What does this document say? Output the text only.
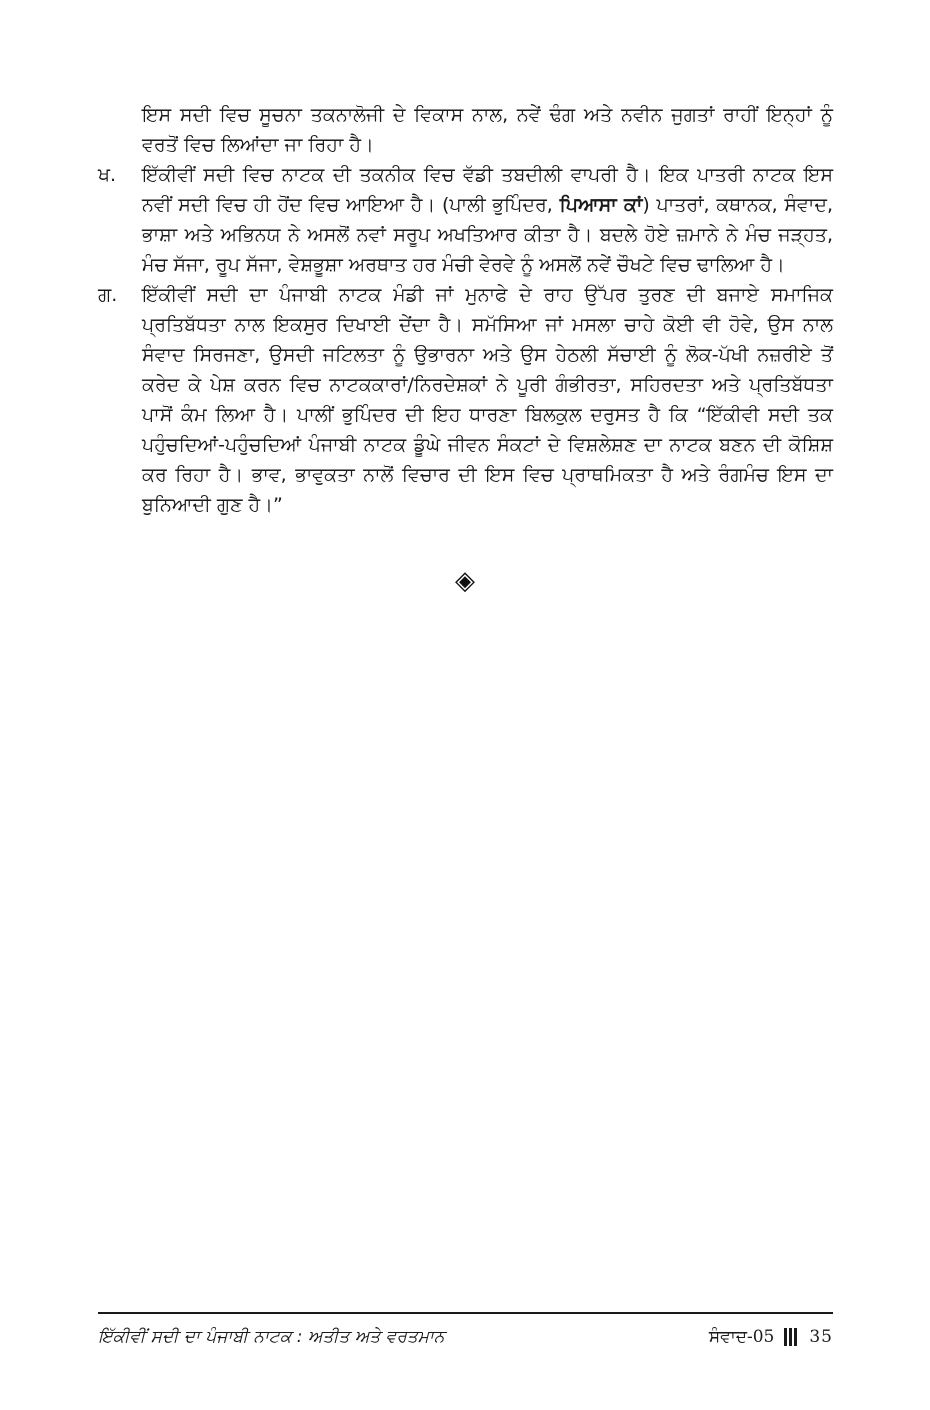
ਇਸ ਸਦੀ ਵਿਚ ਸੂਚਨਾ ਤਕਨਾਲੋਜੀ ਦੇ ਵਿਕਾਸ ਨਾਲ, ਨਵੇਂ ਢੰਗ ਅਤੇ ਨਵੀਨ ਜੁਗਤਾਂ ਰਾਹੀਂ ਇਨ੍ਹਾਂ ਨੂੰ ਵਰਤੋਂ ਵਿਚ ਲਿਆਂਦਾ ਜਾ ਰਿਹਾ ਹੈ।

ਖ.	ਇੱਕੀਵੀਂ ਸਦੀ ਵਿਚ ਨਾਟਕ ਦੀ ਤਕਨੀਕ ਵਿਚ ਵੱਡੀ ਤਬਦੀਲੀ ਵਾਪਰੀ ਹੈ। ਇਕ ਪਾਤਰੀ ਨਾਟਕ ਇਸ ਨਵੀਂ ਸਦੀ ਵਿਚ ਹੀ ਹੋਂਦ ਵਿਚ ਆਇਆ ਹੈ। (ਪਾਲੀ ਭੁਪਿੰਦਰ, ਪਿਆਸਾ ਕਾਂ) ਪਾਤਰਾਂ, ਕਥਾਨਕ, ਸੰਵਾਦ, ਭਾਸ਼ਾ ਅਤੇ ਅਭਿਨਯ ਨੇ ਅਸਲੋਂ ਨਵਾਂ ਸਰੂਪ ਅਖਤਿਆਰ ਕੀਤਾ ਹੈ। ਬਦਲੇ ਹੋਏ ਜ਼ਮਾਨੇ ਨੇ ਮੰਚ ਜੜ੍ਹਤ, ਮੰਚ ਸੱਜਾ, ਰੂਪ ਸੱਜਾ, ਵੇਸ਼ਭੂਸ਼ਾ ਅਰਥਾਤ ਹਰ ਮੰਚੀ ਵੇਰਵੇ ਨੂੰ ਅਸਲੋਂ ਨਵੇਂ ਚੌਖਟੇ ਵਿਚ ਢਾਲਿਆ ਹੈ।

ਗ.	ਇੱਕੀਵੀਂ ਸਦੀ ਦਾ ਪੰਜਾਬੀ ਨਾਟਕ ਮੰਡੀ ਜਾਂ ਮੁਨਾਫੇ ਦੇ ਰਾਹ ਉੱਪਰ ਤੁਰਣ ਦੀ ਬਜਾਏ ਸਮਾਜਿਕ ਪ੍ਰਤਿਬੱਧਤਾ ਨਾਲ ਇਕਸੁਰ ਦਿਖਾਈ ਦੇਂਦਾ ਹੈ। ਸਮੱਸਿਆ ਜਾਂ ਮਸਲਾ ਚਾਹੇ ਕੋਈ ਵੀ ਹੋਵੇ, ਉਸ ਨਾਲ ਸੰਵਾਦ ਸਿਰਜਣਾ, ਉਸਦੀ ਜਟਿਲਤਾ ਨੂੰ ਉਭਾਰਨਾ ਅਤੇ ਉਸ ਹੇਠਲੀ ਸੱਚਾਈ ਨੂੰ ਲੋਕ-ਪੱਖੀ ਨਜ਼ਰੀਏ ਤੋਂ ਕਰੇਦ ਕੇ ਪੇਸ਼ ਕਰਨ ਵਿਚ ਨਾਟਕਕਾਰਾਂ/ਨਿਰਦੇਸ਼ਕਾਂ ਨੇ ਪੂਰੀ ਗੰਭੀਰਤਾ, ਸਹਿਰਦਤਾ ਅਤੇ ਪ੍ਰਤਿਬੱਧਤਾ ਪਾਸੋਂ ਕੰਮ ਲਿਆ ਹੈ। ਪਾਲੀਂ ਭੁਪਿੰਦਰ ਦੀ ਇਹ ਧਾਰਣਾ ਬਿਲਕੁਲ ਦਰੁਸਤ ਹੈ ਕਿ “ਇੱਕੀਵੀ ਸਦੀ ਤਕ ਪਹੁੰਚਦਿਆਂ-ਪਹੁੰਚਦਿਆਂ ਪੰਜਾਬੀ ਨਾਟਕ ਡੂੰਘੇ ਜੀਵਨ ਸੰਕਟਾਂ ਦੇ ਵਿਸ਼ਲੇਸ਼ਣ ਦਾ ਨਾਟਕ ਬਣਨ ਦੀ ਕੋਸ਼ਿਸ਼ ਕਰ ਰਿਹਾ ਹੈ। ਭਾਵ, ਭਾਵੁਕਤਾ ਨਾਲੋਂ ਵਿਚਾਰ ਦੀ ਇਸ ਵਿਚ ਪ੍ਰਾਥਮਿਕਤਾ ਹੈ ਅਤੇ ਰੰਗਮੰਚ ਇਸ ਦਾ ਬੁਨਿਆਦੀ ਗੁਣ ਹੈ।”

◈
ਇੱਕੀਵੀਂ ਸਦੀ ਦਾ ਪੰਜਾਬੀ ਨਾਟਕ : ਅਤੀਤ ਅਤੇ ਵਰਤਮਾਨ	ਸੰਵਾਦ-05 35
